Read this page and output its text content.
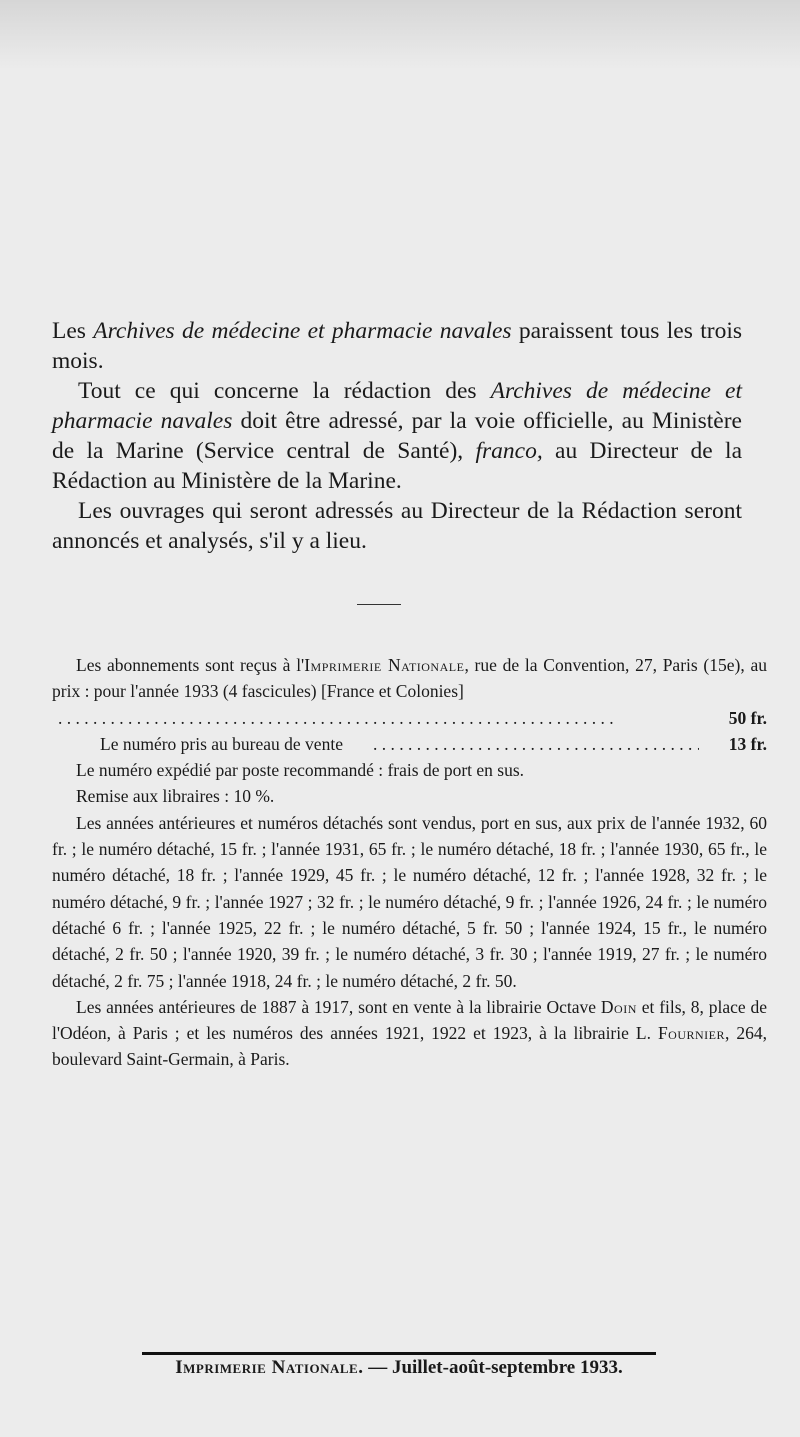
Les Archives de médecine et pharmacie navales paraissent tous les trois mois.

Tout ce qui concerne la rédaction des Archives de médecine et pharmacie navales doit être adressé, par la voie officielle, au Ministère de la Marine (Service central de Santé), franco, au Directeur de la Rédaction au Ministère de la Marine.

Les ouvrages qui seront adressés au Directeur de la Rédaction seront annoncés et analysés, s'il y a lieu.

Les abonnements sont reçus à l'Imprimerie Nationale, rue de la Convention, 27, Paris (15e), au prix : pour l'année 1933 (4 fascicules) [France et Colonies]

. . .
50 fr.
Le numéro pris au bureau de vente
. . .	13 fr.

Le numéro expédié par poste recommandé : frais de port en sus.

Remise aux libraires : 10 %.

Les années antérieures et numéros détachés sont vendus, port en sus, aux prix de l'année 1932, 60 fr. ; le numéro détaché, 15 fr. ; l'année 1931, 65 fr. ; le numéro détaché, 18 fr. ; l'année 1930, 65 fr., le numéro détaché, 18 fr. ; l'année 1929, 45 fr. ; le numéro détaché, 12 fr. ; l'année 1928, 32 fr. ; le numéro détaché, 9 fr. ; l'année 1927 ; 32 fr. ; le numéro détaché, 9 fr. ; l'année 1926, 24 fr. ; le numéro détaché 6 fr. ; l'année 1925, 22 fr. ; le numéro détaché, 5 fr. 50 ; l'année 1924, 15 fr., le numéro détaché, 2 fr. 50 ; l'année 1920, 39 fr. ; le numéro détaché, 3 fr. 30 ; l'année 1919, 27 fr. ; le numéro détaché, 2 fr. 75 ; l'année 1918, 24 fr. ; le numéro détaché, 2 fr. 50.

Les années antérieures de 1887 à 1917, sont en vente à la librairie Octave Doin et fils, 8, place de l'Odéon, à Paris ; et les numéros des années 1921, 1922 et 1923, à la librairie L. Fournier, 264, boulevard Saint-Germain, à Paris.

Imprimerie Nationale. — Juillet-août-septembre 1933.
